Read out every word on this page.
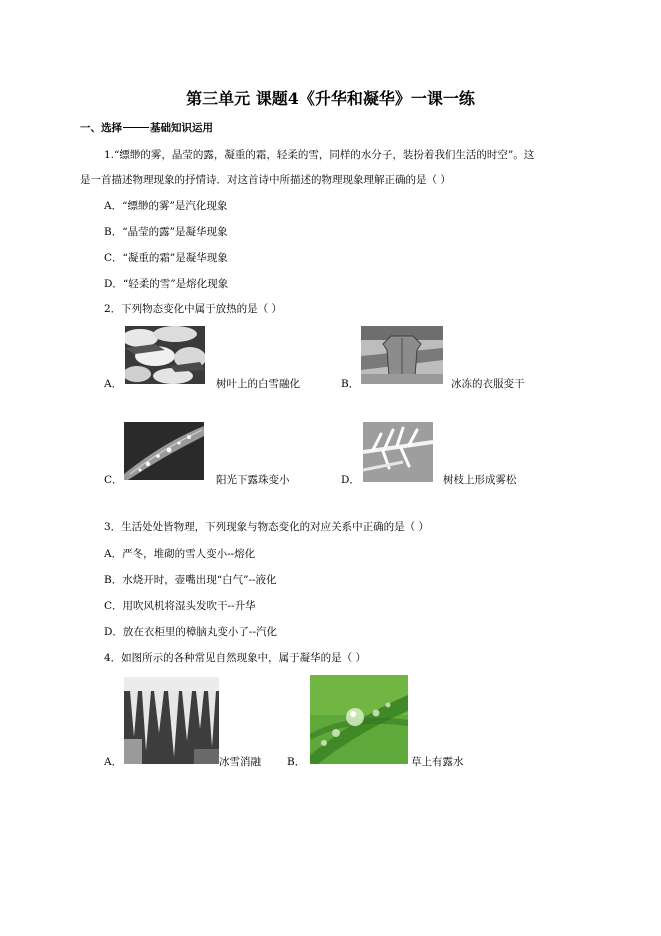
第三单元 课题4《升华和凝华》一课一练
一、选择	基础知识运用
1.“缥缈的雾，晶莹的露，凝重的霜，轻柔的雪，同样的水分子，装扮着我们生活的时空”。这
是一首描述物理现象的抒情诗．对这首诗中所描述的物理现象理解正确的是（ ）
A．“缥缈的雾”是汽化现象
B．“晶莹的露”是凝华现象
C．“凝重的霜”是凝华现象
D．“轻柔的雪”是熔化现象
2．下列物态变化中属于放热的是（ ）
A．	树叶上的白雪融化	B．	冰冻的衣服变干
C．	阳光下露珠变小	D．	树枝上形成雾松
3．生活处处皆物理，下列现象与物态变化的对应关系中正确的是（ ）
A．严冬，堆砌的雪人变小--熔化
B．水烧开时，壶嘴出现“白气”--液化
C．用吹风机将湿头发吹干--升华
D．放在衣柜里的樟脑丸变小了--汽化
4．如图所示的各种常见自然现象中，属于凝华的是（ ）
A．	冰雪消融 B．	草上有露水
